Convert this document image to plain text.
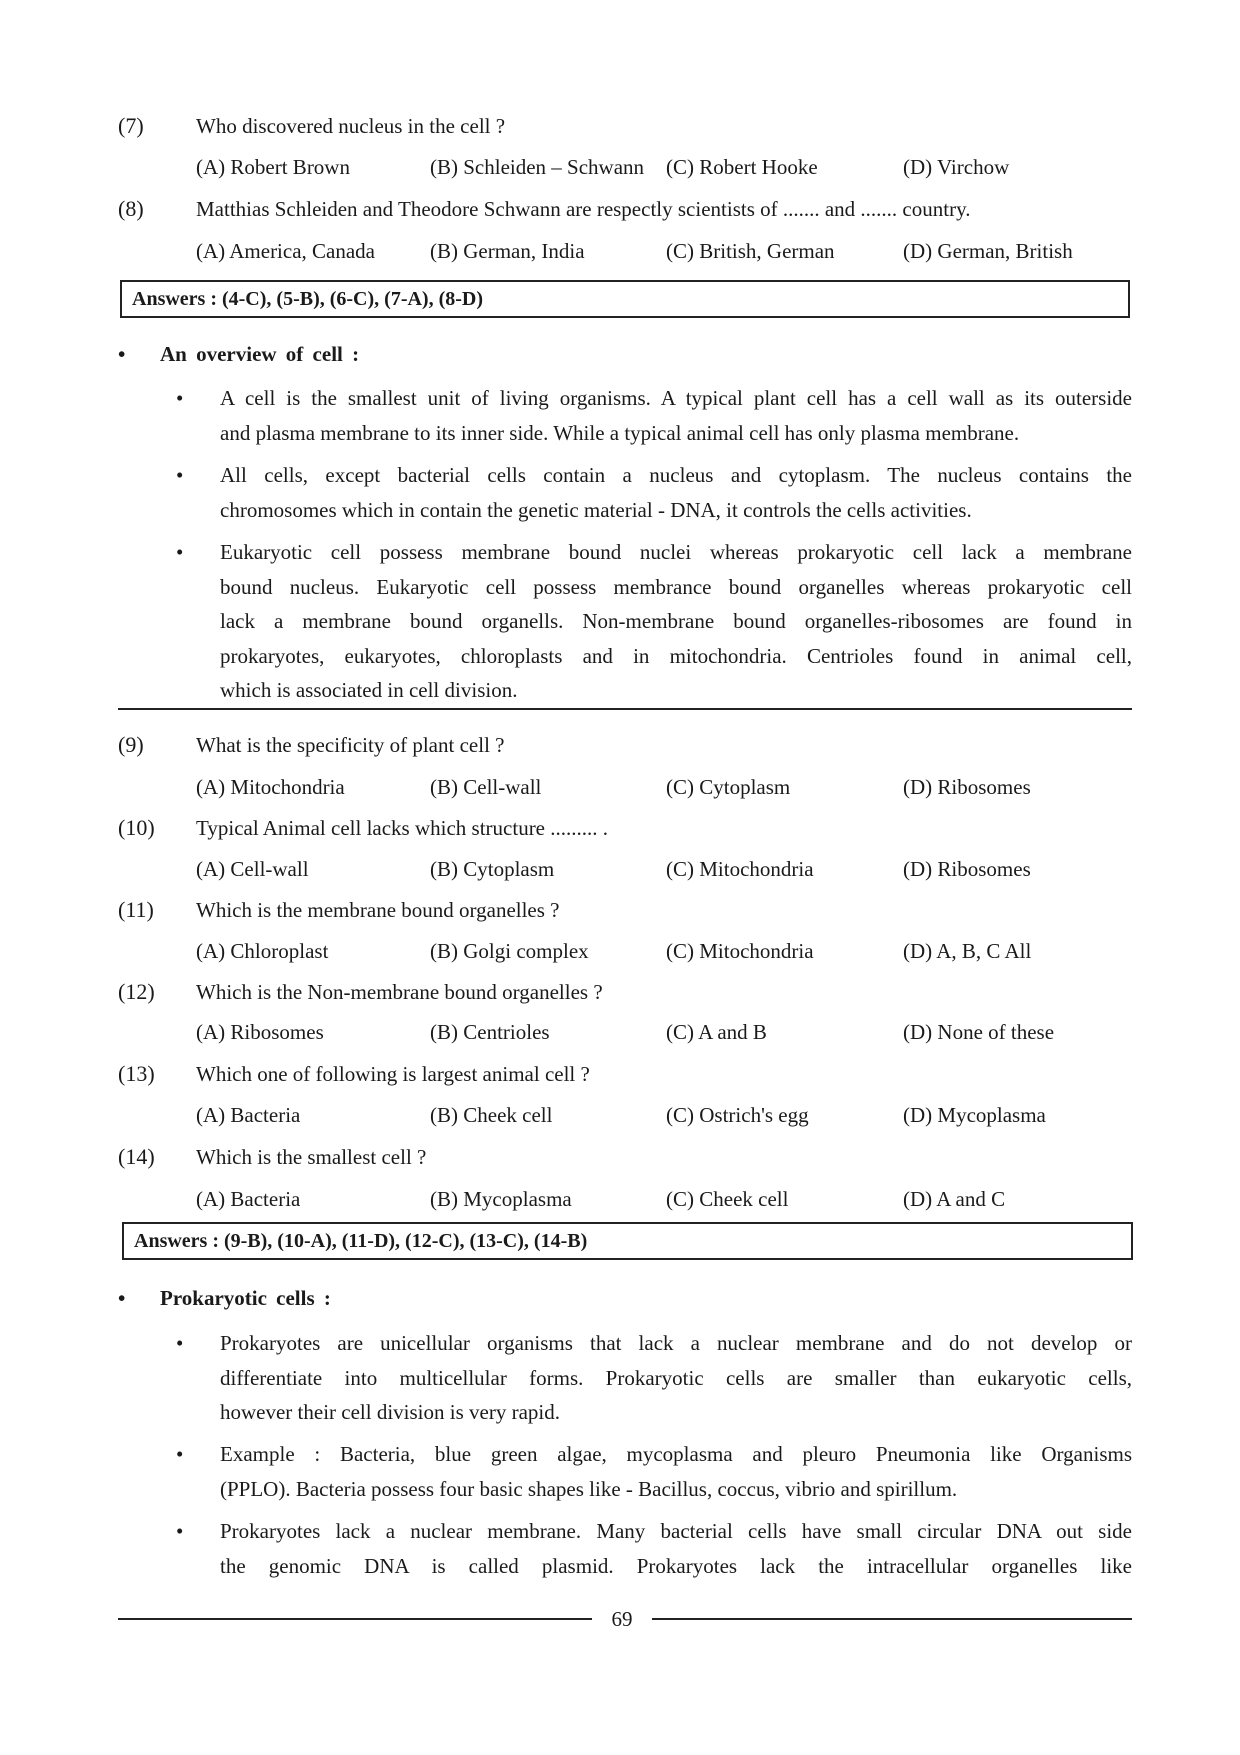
(7) Who discovered nucleus in the cell ?
(A) Robert Brown	(B) Schleiden – Schwann (C) Robert Hooke	(D) Virchow
(8) Matthias Schleiden and Theodore Schwann are respectly scientists of ....... and ....... country.
(A) America, Canada	(B) German, India	(C) British, German	(D) German, British
Answers : (4-C), (5-B), (6-C), (7-A), (8-D)
• An overview of cell :
• A cell is the smallest unit of living organisms. A typical plant cell has a cell wall as its outerside
and plasma membrane to its inner side. While a typical animal cell has only plasma membrane.
• All cells, except bacterial cells contain a nucleus and cytoplasm. The nucleus contains the
chromosomes which in contain the genetic material - DNA, it controls the cells activities.
• Eukaryotic cell possess membrane bound nuclei whereas prokaryotic cell lack a membrane
bound nucleus. Eukaryotic cell possess membrance bound organelles whereas prokaryotic cell
lack a membrane bound organells. Non-membrane bound organelles-ribosomes are found in
prokaryotes, eukaryotes, chloroplasts and in mitochondria. Centrioles found in animal cell,
which is associated in cell division.
(9) What is the specificity of plant cell ?
(A) Mitochondria	(B) Cell-wall	(C) Cytoplasm	(D) Ribosomes
(10) Typical Animal cell lacks which structure ......... .
(A) Cell-wall	(B) Cytoplasm	(C) Mitochondria	(D) Ribosomes
(11) Which is the membrane bound organelles ?
(A) Chloroplast	(B) Golgi complex	(C) Mitochondria	(D) A, B, C All
(12) Which is the Non-membrane bound organelles ?
(A) Ribosomes	(B) Centrioles	(C) A and B	(D) None of these
(13) Which one of following is largest animal cell ?
(A) Bacteria	(B) Cheek cell	(C) Ostrich's egg	(D) Mycoplasma
(14) Which is the smallest cell ?
(A) Bacteria	(B) Mycoplasma	(C) Cheek cell	(D) A and C
Answers : (9-B), (10-A), (11-D), (12-C), (13-C), (14-B)
• Prokaryotic cells :
• Prokaryotes are unicellular organisms that lack a nuclear membrane and do not develop or
differentiate into multicellular forms. Prokaryotic cells are smaller than eukaryotic cells,
however their cell division is very rapid.
• Example : Bacteria, blue green algae, mycoplasma and pleuro Pneumonia like Organisms
(PPLO). Bacteria possess four basic shapes like - Bacillus, coccus, vibrio and spirillum.
• Prokaryotes lack a nuclear membrane. Many bacterial cells have small circular DNA out side
the genomic DNA is called plasmid. Prokaryotes lack the intracellular organelles like
69
